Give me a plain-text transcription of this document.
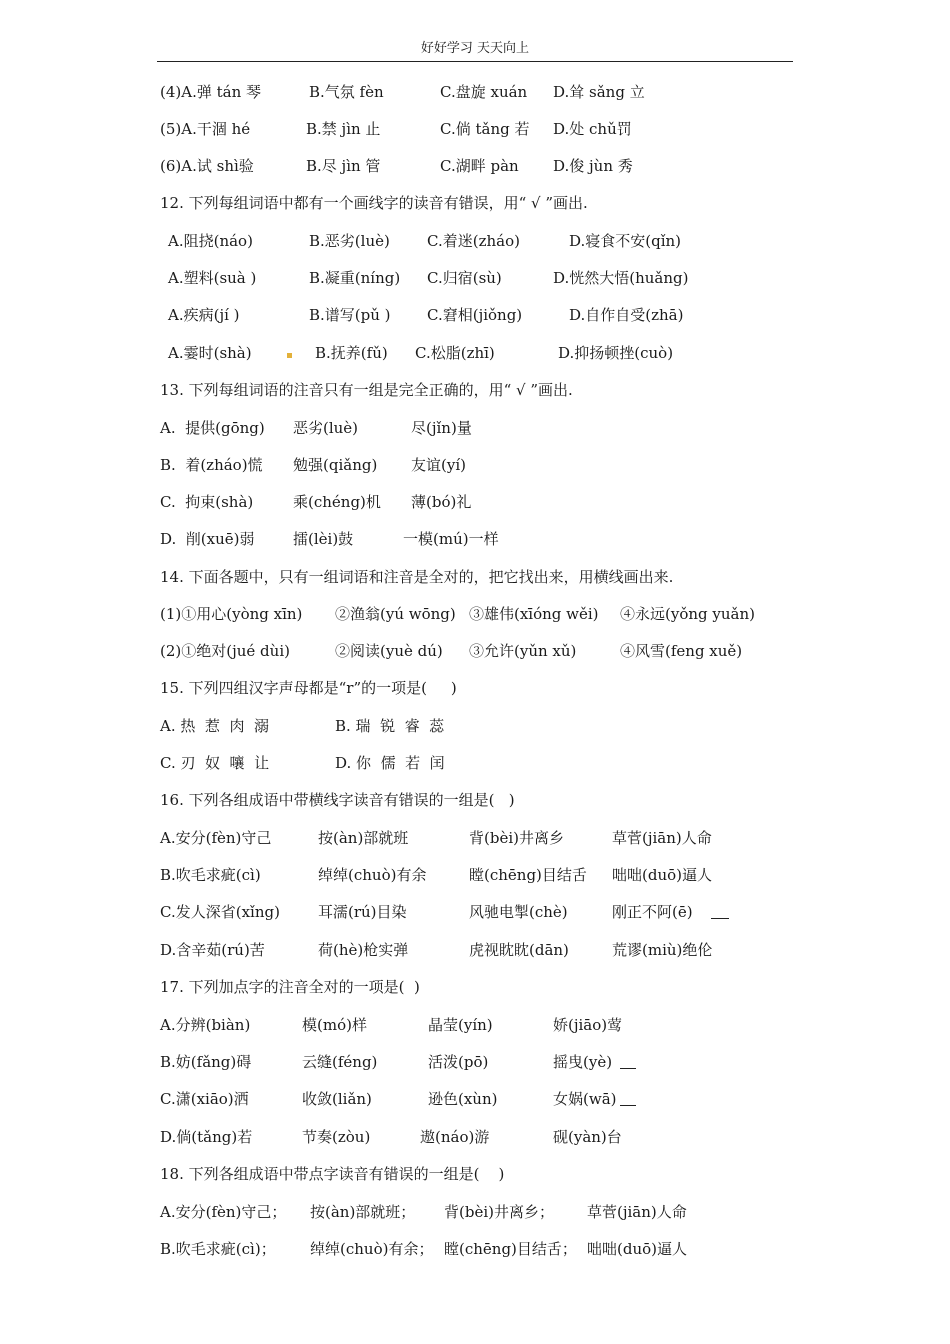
好好学习 天天向上
(4)A.弹 tán 琴	B.气氛 fèn	C.盘旋 xuán D.耸 sǎng 立
(5)A.干涸 hé	B.禁 jìn 止	C.倘 tǎng 若 D.处 chǔ罚
(6)A.试 shì验	B.尽 jìn 管	C.湖畔 pàn D.俊 jùn 秀
12. 下列每组词语中都有一个画线字的读音有错误，用“ √ ”画出.
A.阻挠(náo)	B.恶劣(luè) C.着迷(zháo)	D.寝食不安(qǐn)
A.塑料(suà )	B.凝重(níng) C.归宿(sù)	D.恍然大悟(huǎng)
A.疾病(jí )	B.谱写(pǔ ) C.窘相(jiǒng)	D.自作自受(zhā)
A.霎时(shà)	B.抚养(fǔ) C.松脂(zhī)	D.抑扬顿挫(cuò)
13. 下列每组词语的注音只有一组是完全正确的，用“ √ ”画出.
A.  提供(gōng) 恶劣(luè)	尽(jǐn)量
B.  着(zháo)慌 勉强(qiǎng) 友谊(yí)
C.  拘束(shà)	乘(chéng)机 薄(bó)礼
D.  削(xuē)弱	擂(lèi)鼓	一模(mú)一样
14. 下面各题中，只有一组词语和注音是全对的，把它找出来，用横线画出来.
(1)①用心(yòng xīn) ②渔翁(yú wōng) ③雄伟(xīóng wěi) ④永远(yǒng yuǎn)
(2)①绝对(jué dùi)	②阅读(yuè dú) ③允许(yǔn xǔ)	④风雪(feng xuě)
15. 下列四组汉字声母都是“r”的一项是(     )
A. 热  惹  肉  溺	B. 瑞  锐  睿  蕊
C. 刃  奴  嚷  让	D. 你  儒  若  闰
16. 下列各组成语中带横线字读音有错误的一组是(   )
A.安分(fèn)守己	按(àn)部就班	背(bèi)井离乡	草菅(jiān)人命
B.吹毛求疵(cì)	绰绰(chuò)有余	瞠(chēng)目结舌 咄咄(duō)逼人
C.发人深省(xǐng)	耳濡(rú)目染	风驰电掣(chè)	刚正不阿(ē)
D.含辛茹(rú)苦	荷(hè)枪实弹	虎视眈眈(dān)	荒谬(miù)绝伦
17. 下列加点字的注音全对的一项是(  )
A.分辨(biàn)	模(mó)样	晶莹(yín)	娇(jiāo)莺
B.妨(fǎng)碍	云缝(féng)	活泼(pō)	摇曳(yè)
C.潇(xiāo)洒	收敛(liǎn)	逊色(xùn)	女娲(wā)
D.倘(tǎng)若	节奏(zòu)	遨(náo)游	砚(yàn)台
18. 下列各组成语中带点字读音有错误的一组是(    )
A.安分(fèn)守己； 按(àn)部就班； 背(bèi)井离乡； 草菅(jiān)人命
B.吹毛求疵(cì)； 绰绰(chuò)有余； 瞠(chēng)目结舌； 咄咄(duō)逼人
